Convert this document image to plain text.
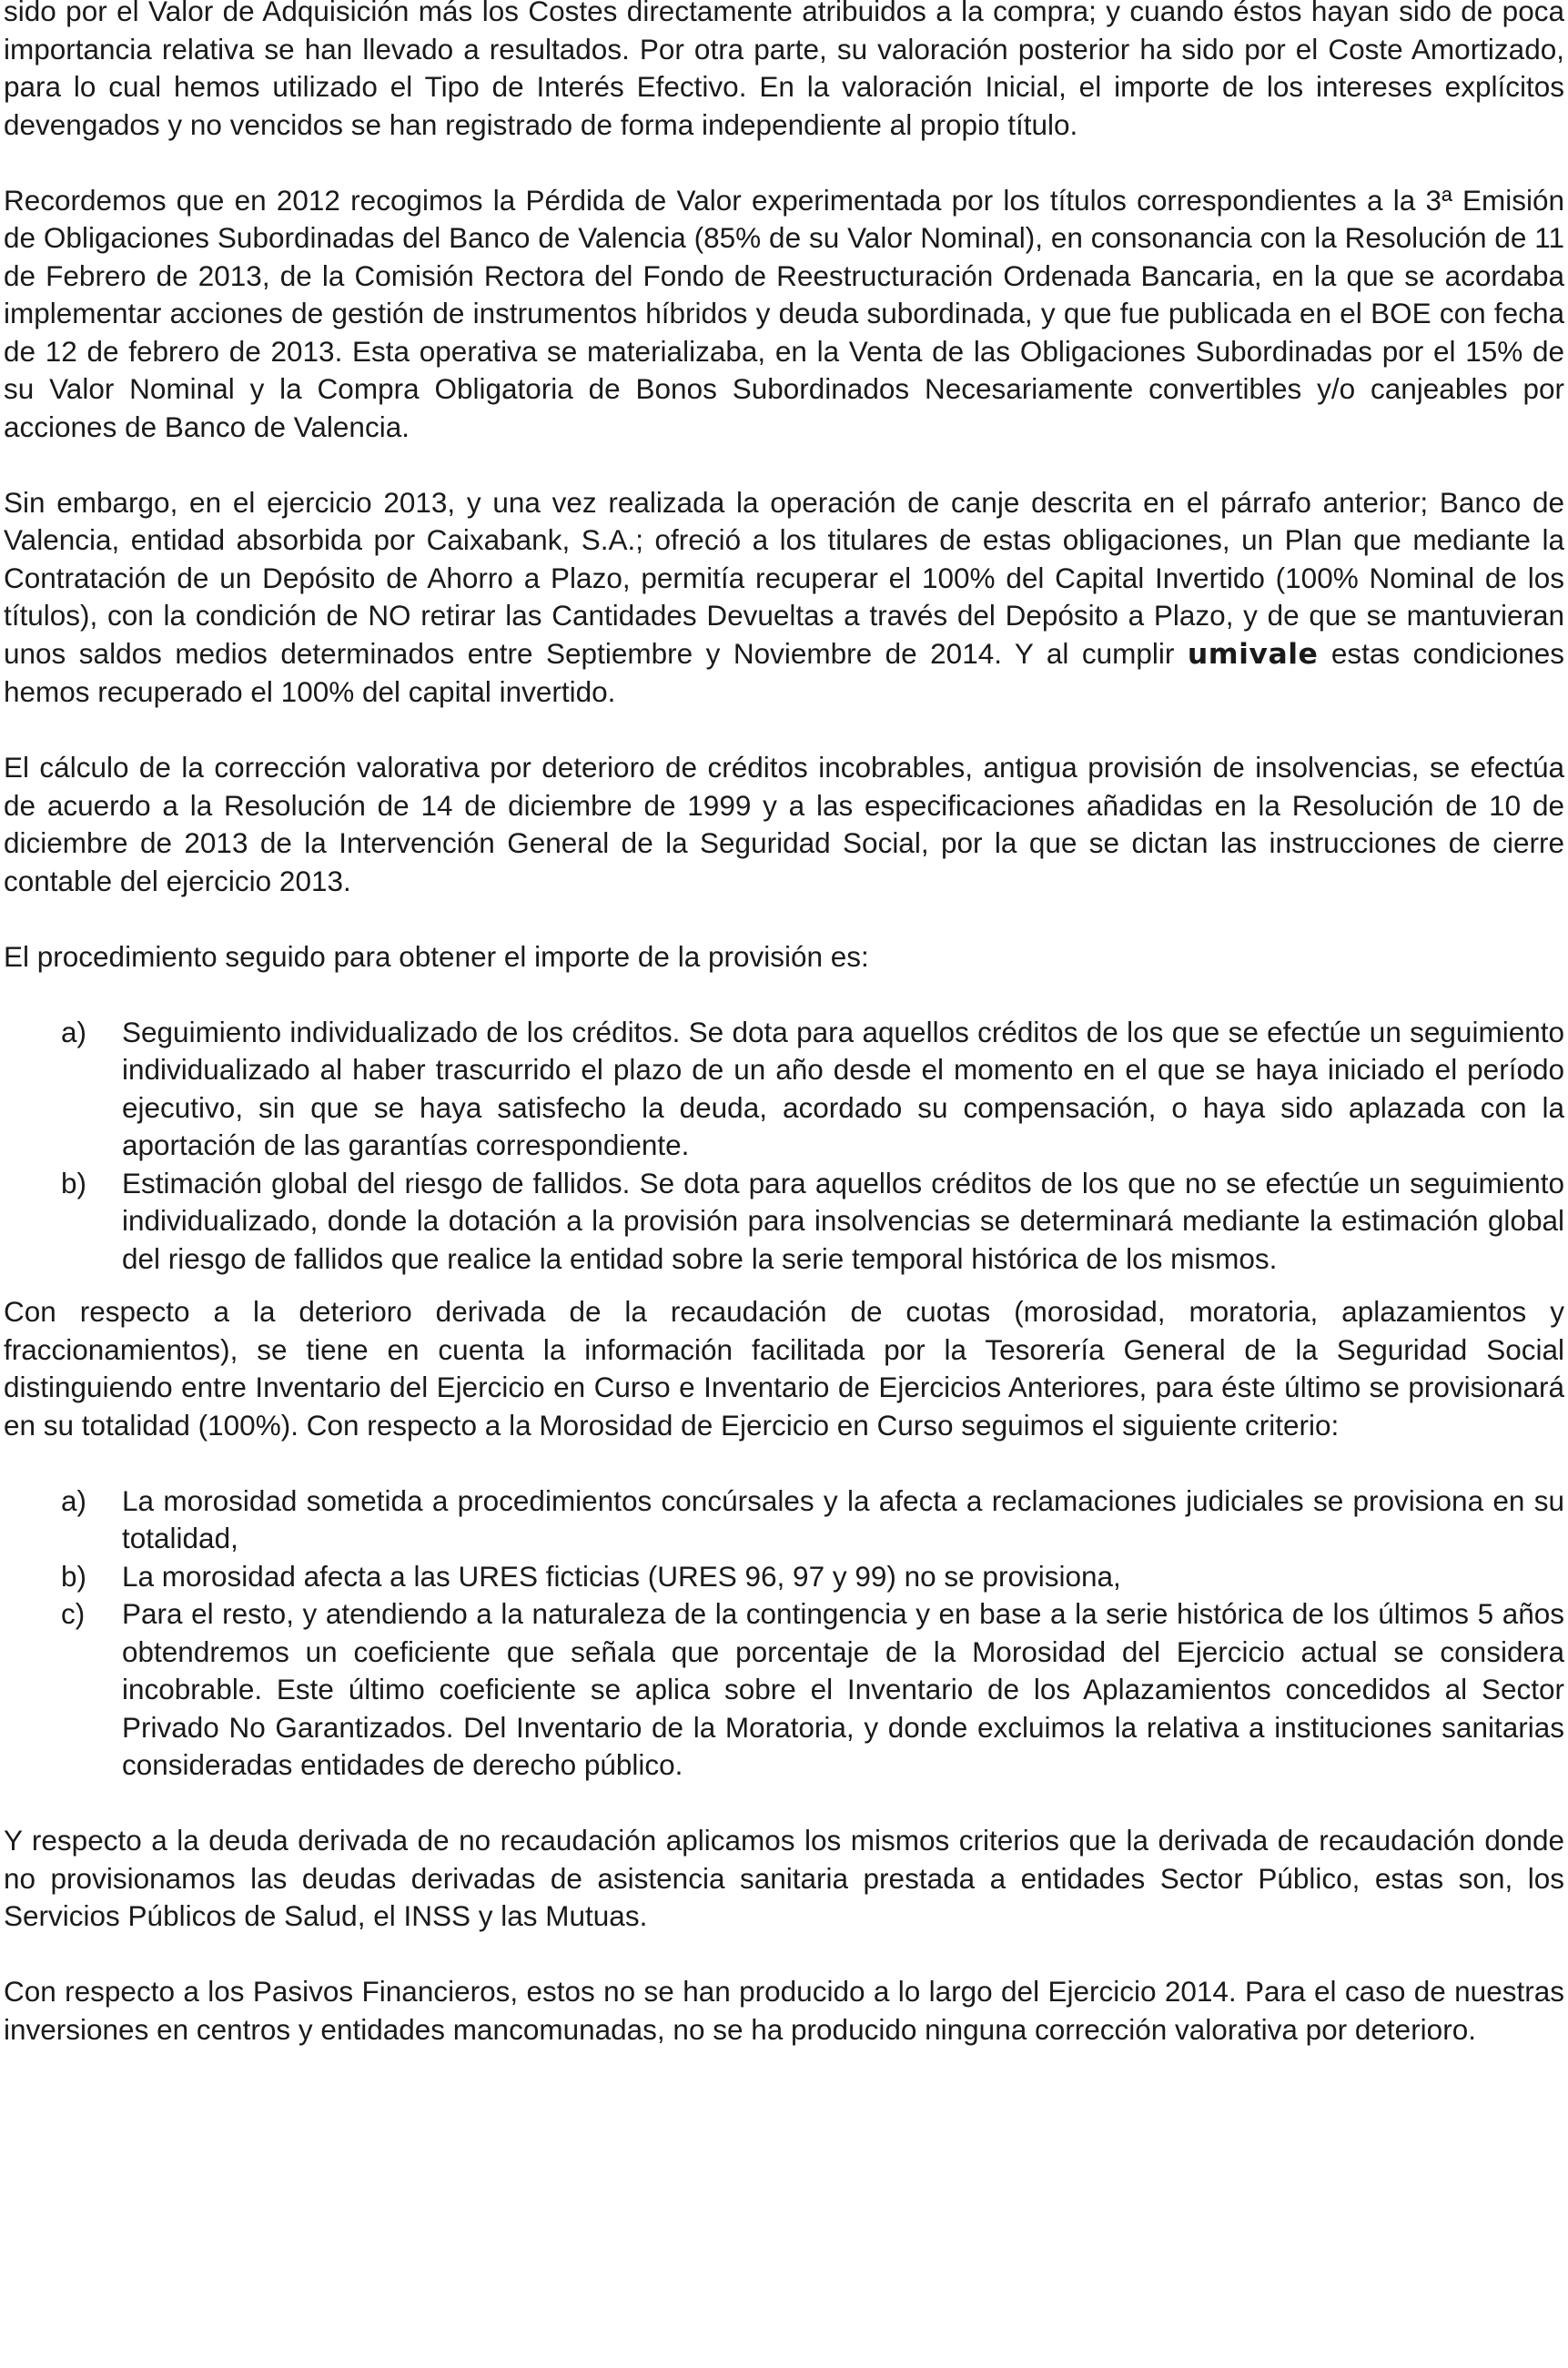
sido por el Valor de Adquisición más los Costes directamente atribuidos a la compra; y cuando éstos hayan sido de poca importancia relativa se han llevado a resultados. Por otra parte, su valoración posterior ha sido por el Coste Amortizado, para lo cual hemos utilizado el Tipo de Interés Efectivo. En la valoración Inicial, el importe de los intereses explícitos devengados y no vencidos se han registrado de forma independiente al propio título.

Recordemos que en 2012 recogimos la Pérdida de Valor experimentada por los títulos correspondientes a la 3ª Emisión de Obligaciones Subordinadas del Banco de Valencia (85% de su Valor Nominal), en consonancia con la Resolución de 11 de Febrero de 2013, de la Comisión Rectora del Fondo de Reestructuración Ordenada Bancaria, en la que se acordaba implementar acciones de gestión de instrumentos híbridos y deuda subordinada, y que fue publicada en el BOE con fecha de 12 de febrero de 2013. Esta operativa se materializaba, en la Venta de las Obligaciones Subordinadas por el 15% de su Valor Nominal y la Compra Obligatoria de Bonos Subordinados Necesariamente convertibles y/o canjeables por acciones de Banco de Valencia.

Sin embargo, en el ejercicio 2013, y una vez realizada la operación de canje descrita en el párrafo anterior; Banco de Valencia, entidad absorbida por Caixabank, S.A.; ofreció a los titulares de estas obligaciones, un Plan que mediante la Contratación de un Depósito de Ahorro a Plazo, permitía recuperar el 100% del Capital Invertido (100% Nominal de los títulos), con la condición de NO retirar las Cantidades Devueltas a través del Depósito a Plazo, y de que se mantuvieran unos saldos medios determinados entre Septiembre y Noviembre de 2014. Y al cumplir umivale estas condiciones hemos recuperado el 100% del capital invertido.

El cálculo de la corrección valorativa por deterioro de créditos incobrables, antigua provisión de insolvencias, se efectúa de acuerdo a la Resolución de 14 de diciembre de 1999 y a las especificaciones añadidas en la Resolución de 10 de diciembre de 2013 de la Intervención General de la Seguridad Social, por la que se dictan las instrucciones de cierre contable del ejercicio 2013.

El procedimiento seguido para obtener el importe de la provisión es:

a) Seguimiento individualizado de los créditos. Se dota para aquellos créditos de los que se efectúe un seguimiento individualizado al haber trascurrido el plazo de un año desde el momento en el que se haya iniciado el período ejecutivo, sin que se haya satisfecho la deuda, acordado su compensación, o haya sido aplazada con la aportación de las garantías correspondiente.
b) Estimación global del riesgo de fallidos. Se dota para aquellos créditos de los que no se efectúe un seguimiento individualizado, donde la dotación a la provisión para insolvencias se determinará mediante la estimación global del riesgo de fallidos que realice la entidad sobre la serie temporal histórica de los mismos.

Con respecto a la deterioro derivada de la recaudación de cuotas (morosidad, moratoria, aplazamientos y fraccionamientos), se tiene en cuenta la información facilitada por la Tesorería General de la Seguridad Social distinguiendo entre Inventario del Ejercicio en Curso e Inventario de Ejercicios Anteriores, para éste último se provisionará en su totalidad (100%). Con respecto a la Morosidad de Ejercicio en Curso seguimos el siguiente criterio:

a) La morosidad sometida a procedimientos concúrsales y la afecta a reclamaciones judiciales se provisiona en su totalidad,
b) La morosidad afecta a las URES ficticias (URES 96, 97 y 99) no se provisiona,
c) Para el resto, y atendiendo a la naturaleza de la contingencia y en base a la serie histórica de los últimos 5 años obtendremos un coeficiente que señala que porcentaje de la Morosidad del Ejercicio actual se considera incobrable. Este último coeficiente se aplica sobre el Inventario de los Aplazamientos concedidos al Sector Privado No Garantizados. Del Inventario de la Moratoria, y donde excluimos la relativa a instituciones sanitarias consideradas entidades de derecho público.

Y respecto a la deuda derivada de no recaudación aplicamos los mismos criterios que la derivada de recaudación donde no provisionamos las deudas derivadas de asistencia sanitaria prestada a entidades Sector Público, estas son, los Servicios Públicos de Salud, el INSS y las Mutuas.

Con respecto a los Pasivos Financieros, estos no se han producido a lo largo del Ejercicio 2014. Para el caso de nuestras inversiones en centros y entidades mancomunadas, no se ha producido ninguna corrección valorativa por deterioro.
